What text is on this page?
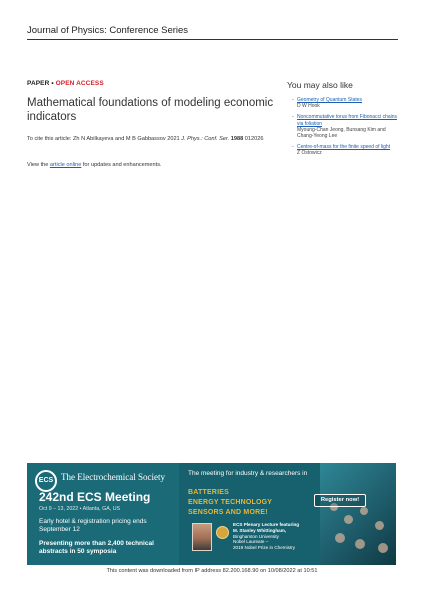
Journal of Physics: Conference Series
PAPER • OPEN ACCESS
Mathematical foundations of modeling economic indicators
To cite this article: Zh N Abilkayeva and M B Gabbassov 2021 J. Phys.: Conf. Ser. 1988 012026
View the article online for updates and enhancements.
You may also like
- Geometry of Quantum States
D W Hook
- Noncommutative torus from Fibonacci chains via foliation
Myoung-Chan Jeong, Bunsang Kim and Chang-Yeong Lee
- Centre-of-mass for the finite speed of light
Z Ostowicz
ECS The Electrochemical Society
242nd ECS Meeting
Oct 9 – 13, 2022 • Atlanta, GA, US
Early hotel & registration pricing ends September 12
Presenting more than 2,400 technical abstracts in 50 symposia
The meeting for industry & researchers in
BATTERIES
ENERGY TECHNOLOGY
SENSORS AND MORE!
Register now!
ECS Plenary Lecture featuring
M. Stanley Whittingham,
Binghamton University
Nobel Laureate –
2019 Nobel Prize in Chemistry
This content was downloaded from IP address 82.200.168.90 on 10/08/2022 at 10:51
